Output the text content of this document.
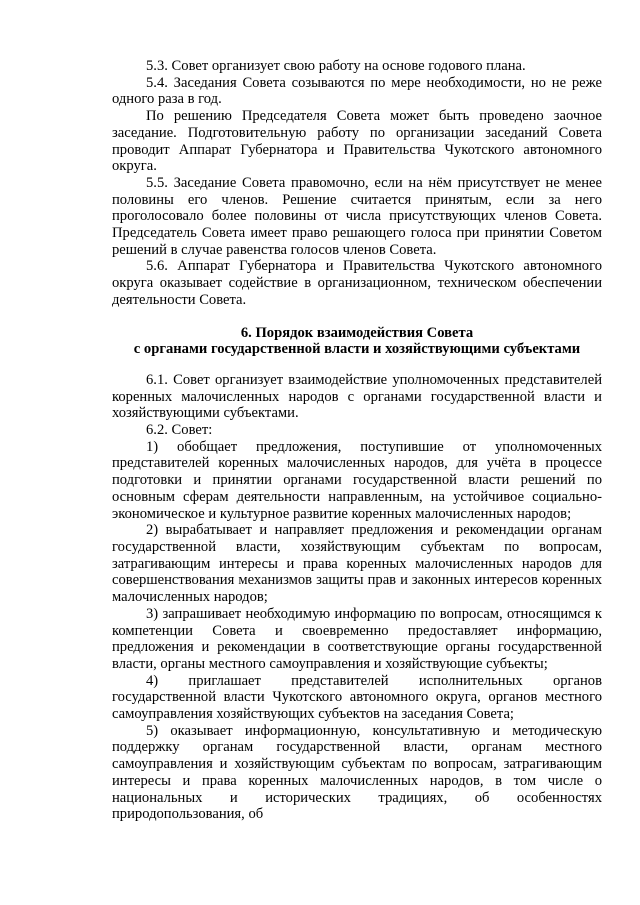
5.3. Совет организует свою работу на основе годового плана.

5.4. Заседания Совета созываются по мере необходимости, но не реже одного раза в год.

По решению Председателя Совета может быть проведено заочное заседание. Подготовительную работу по организации заседаний Совета проводит Аппарат Губернатора и Правительства Чукотского автономного округа.

5.5. Заседание Совета правомочно, если на нём присутствует не менее половины его членов. Решение считается принятым, если за него проголосовало более половины от числа присутствующих членов Совета. Председатель Совета имеет право решающего голоса при принятии Советом решений в случае равенства голосов членов Совета.

5.6. Аппарат Губернатора и Правительства Чукотского автономного округа оказывает содействие в организационном, техническом обеспечении деятельности Совета.

6. Порядок взаимодействия Совета
с органами государственной власти и хозяйствующими субъектами

6.1. Совет организует взаимодействие уполномоченных представителей коренных малочисленных народов с органами государственной власти и хозяйствующими субъектами.

6.2. Совет:

1) обобщает предложения, поступившие от уполномоченных представителей коренных малочисленных народов, для учёта в процессе подготовки и принятии органами государственной власти решений по основным сферам деятельности направленным, на устойчивое социально-экономическое и культурное развитие коренных малочисленных народов;

2) вырабатывает и направляет предложения и рекомендации органам государственной власти, хозяйствующим субъектам по вопросам, затрагивающим интересы и права коренных малочисленных народов для совершенствования механизмов защиты прав и законных интересов коренных малочисленных народов;

3) запрашивает необходимую информацию по вопросам, относящимся к компетенции Совета и своевременно предоставляет информацию, предложения и рекомендации в соответствующие органы государственной власти, органы местного самоуправления и хозяйствующие субъекты;

4) приглашает представителей исполнительных органов государственной власти Чукотского автономного округа, органов местного самоуправления хозяйствующих субъектов на заседания Совета;

5) оказывает информационную, консультативную и методическую поддержку органам государственной власти, органам местного самоуправления и хозяйствующим субъектам по вопросам, затрагивающим интересы и права коренных малочисленных народов, в том числе о национальных и исторических традициях, об особенностях природопользования, об
